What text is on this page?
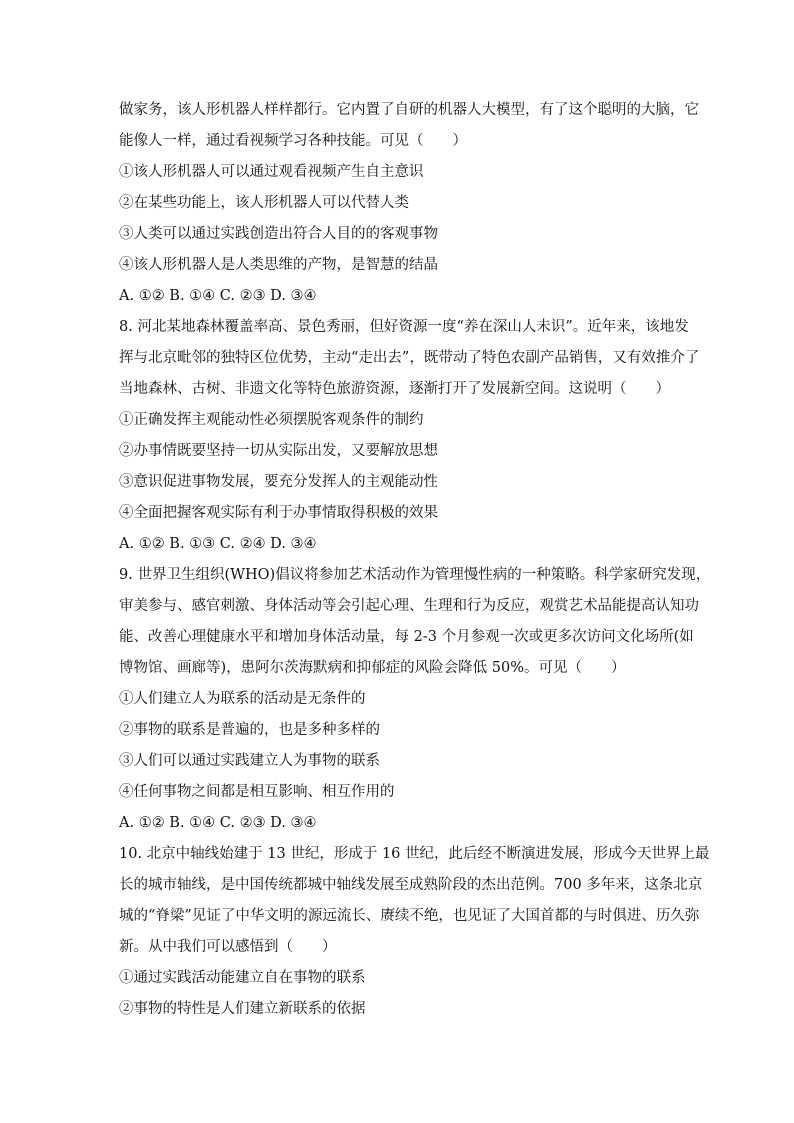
做家务，该人形机器人样样都行。它内置了自研的机器人大模型，有了这个聪明的大脑，它
能像人一样，通过看视频学习各种技能。可见（　　）
①该人形机器人可以通过观看视频产生自主意识
②在某些功能上，该人形机器人可以代替人类
③人类可以通过实践创造出符合人目的的客观事物
④该人形机器人是人类思维的产物，是智慧的结晶
A. ①② B. ①④ C. ②③ D. ③④
8. 河北某地森林覆盖率高、景色秀丽，但好资源一度“养在深山人未识”。近年来，该地发
挥与北京毗邻的独特区位优势，主动“走出去”，既带动了特色农副产品销售，又有效推介了
当地森林、古树、非遗文化等特色旅游资源，逐渐打开了发展新空间。这说明（　　）
①正确发挥主观能动性必须摆脱客观条件的制约
②办事情既要坚持一切从实际出发，又要解放思想
③意识促进事物发展，要充分发挥人的主观能动性
④全面把握客观实际有利于办事情取得积极的效果
A. ①② B. ①③ C. ②④ D. ③④
9. 世界卫生组织(WHO)倡议将参加艺术活动作为管理慢性病的一种策略。科学家研究发现，
审美参与、感官刺激、身体活动等会引起心理、生理和行为反应，观赏艺术品能提高认知功
能、改善心理健康水平和增加身体活动量，每 2-3 个月参观一次或更多次访问文化场所(如
博物馆、画廊等)，患阿尔茨海默病和抑郁症的风险会降低 50%。可见（　　）
①人们建立人为联系的活动是无条件的
②事物的联系是普遍的，也是多种多样的
③人们可以通过实践建立人为事物的联系
④任何事物之间都是相互影响、相互作用的
A. ①② B. ①④ C. ②③ D. ③④
10. 北京中轴线始建于 13 世纪，形成于 16 世纪，此后经不断演进发展，形成今天世界上最
长的城市轴线，是中国传统都城中轴线发展至成熟阶段的杰出范例。700 多年来，这条北京
城的“脊梁”见证了中华文明的源远流长、赓续不绝，也见证了大国首都的与时俱进、历久弥
新。从中我们可以感悟到（　　）
①通过实践活动能建立自在事物的联系
②事物的特性是人们建立新联系的依据
